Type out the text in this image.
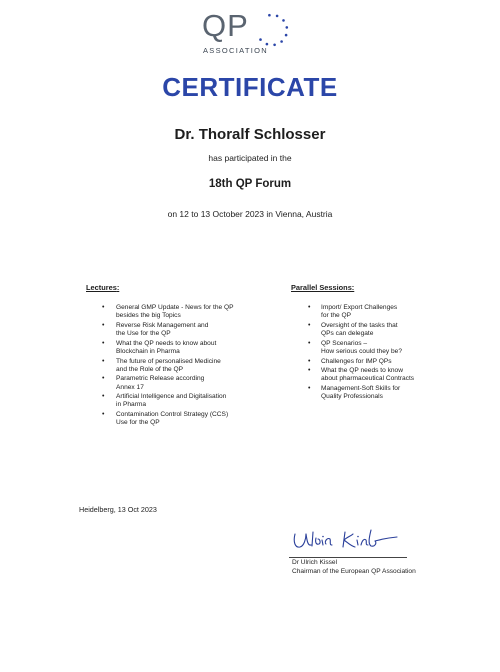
QP
ASSOCIATION
CERTIFICATE
Dr. Thoralf Schlosser
has participated in the
18th QP Forum
on 12 to 13 October 2023 in Vienna, Austria
Lectures:
• General GMP Update - News for the QP
besides the big Topics
• Reverse Risk Management and
the Use for the QP
• What the QP needs to know about
Blockchain in Pharma
• The future of personalised Medicine
and the Role of the QP
• Parametric Release according
Annex 17
• Artificial Intelligence and Digitalisation
in Pharma
• Contamination Control Strategy (CCS)
Use for the QP
Parallel Sessions:
• Import/ Export Challenges
for the QP
• Oversight of the tasks that
QPs can delegate
• QP Scenarios –
How serious could they be?
• Challenges for IMP QPs
• What the QP needs to know
about pharmaceutical Contracts
• Management-Soft Skills for
Quality Professionals
Heidelberg, 13 Oct 2023
Dr Ulrich Kissel
Chairman of the European QP Association
